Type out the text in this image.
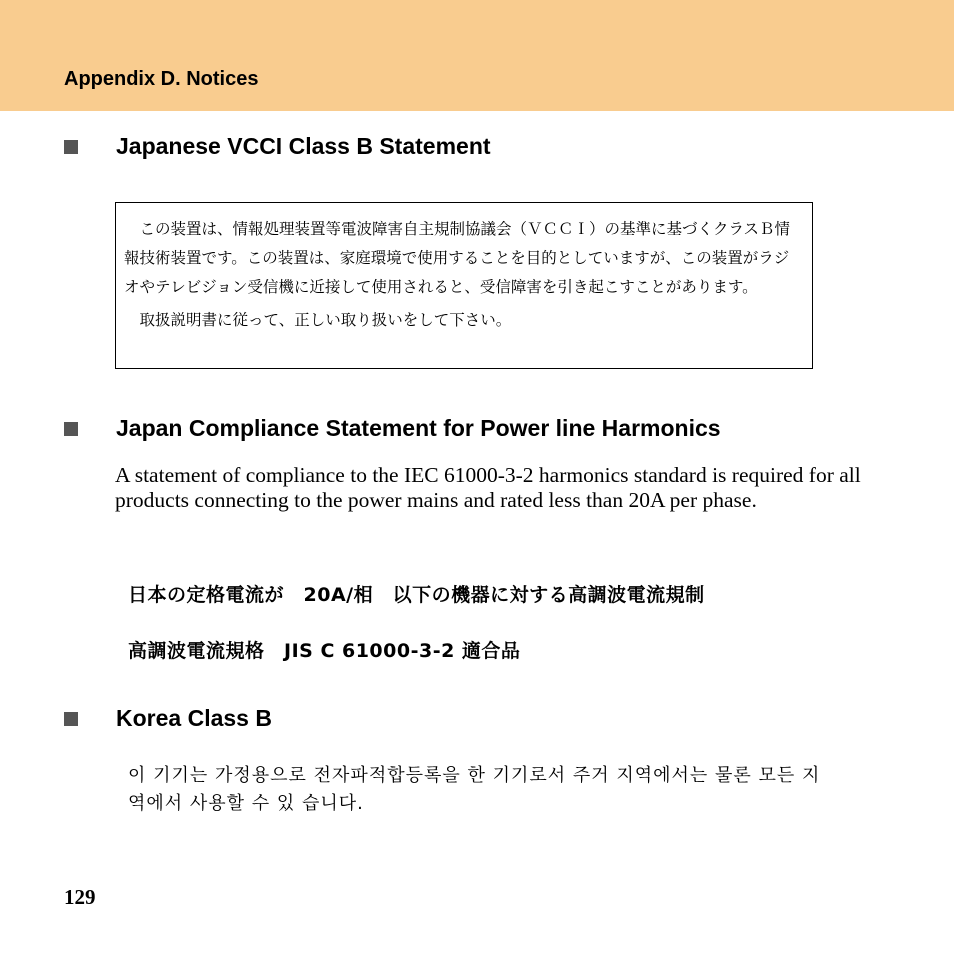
Appendix D. Notices
Japanese VCCI Class B Statement

この装置は、情報処理装置等電波障害自主規制協議会（ＶＣＣＩ）の基準に基づくクラスＢ情報技術装置です。この装置は、家庭環境で使用することを目的としていますが、この装置がラジオやテレビジョン受信機に近接して使用されると、受信障害を引き起こすことがあります。

取扱説明書に従って、正しい取り扱いをして下さい。

Japan Compliance Statement for Power line Harmonics
A statement of compliance to the IEC 61000-3-2 harmonics standard is required for all products connecting to the power mains and rated less than 20A per phase.
日本の定格電流が　20A/相　以下の機器に対する高調波電流規制
高調波電流規格　JIS C 61000-3-2 適合品
Korea Class B
이 기기는 가정용으로 전자파적합등록을 한 기기로서 주거 지역에서는 물론 모든 지역에서 사용할 수 있 습니다.
129
